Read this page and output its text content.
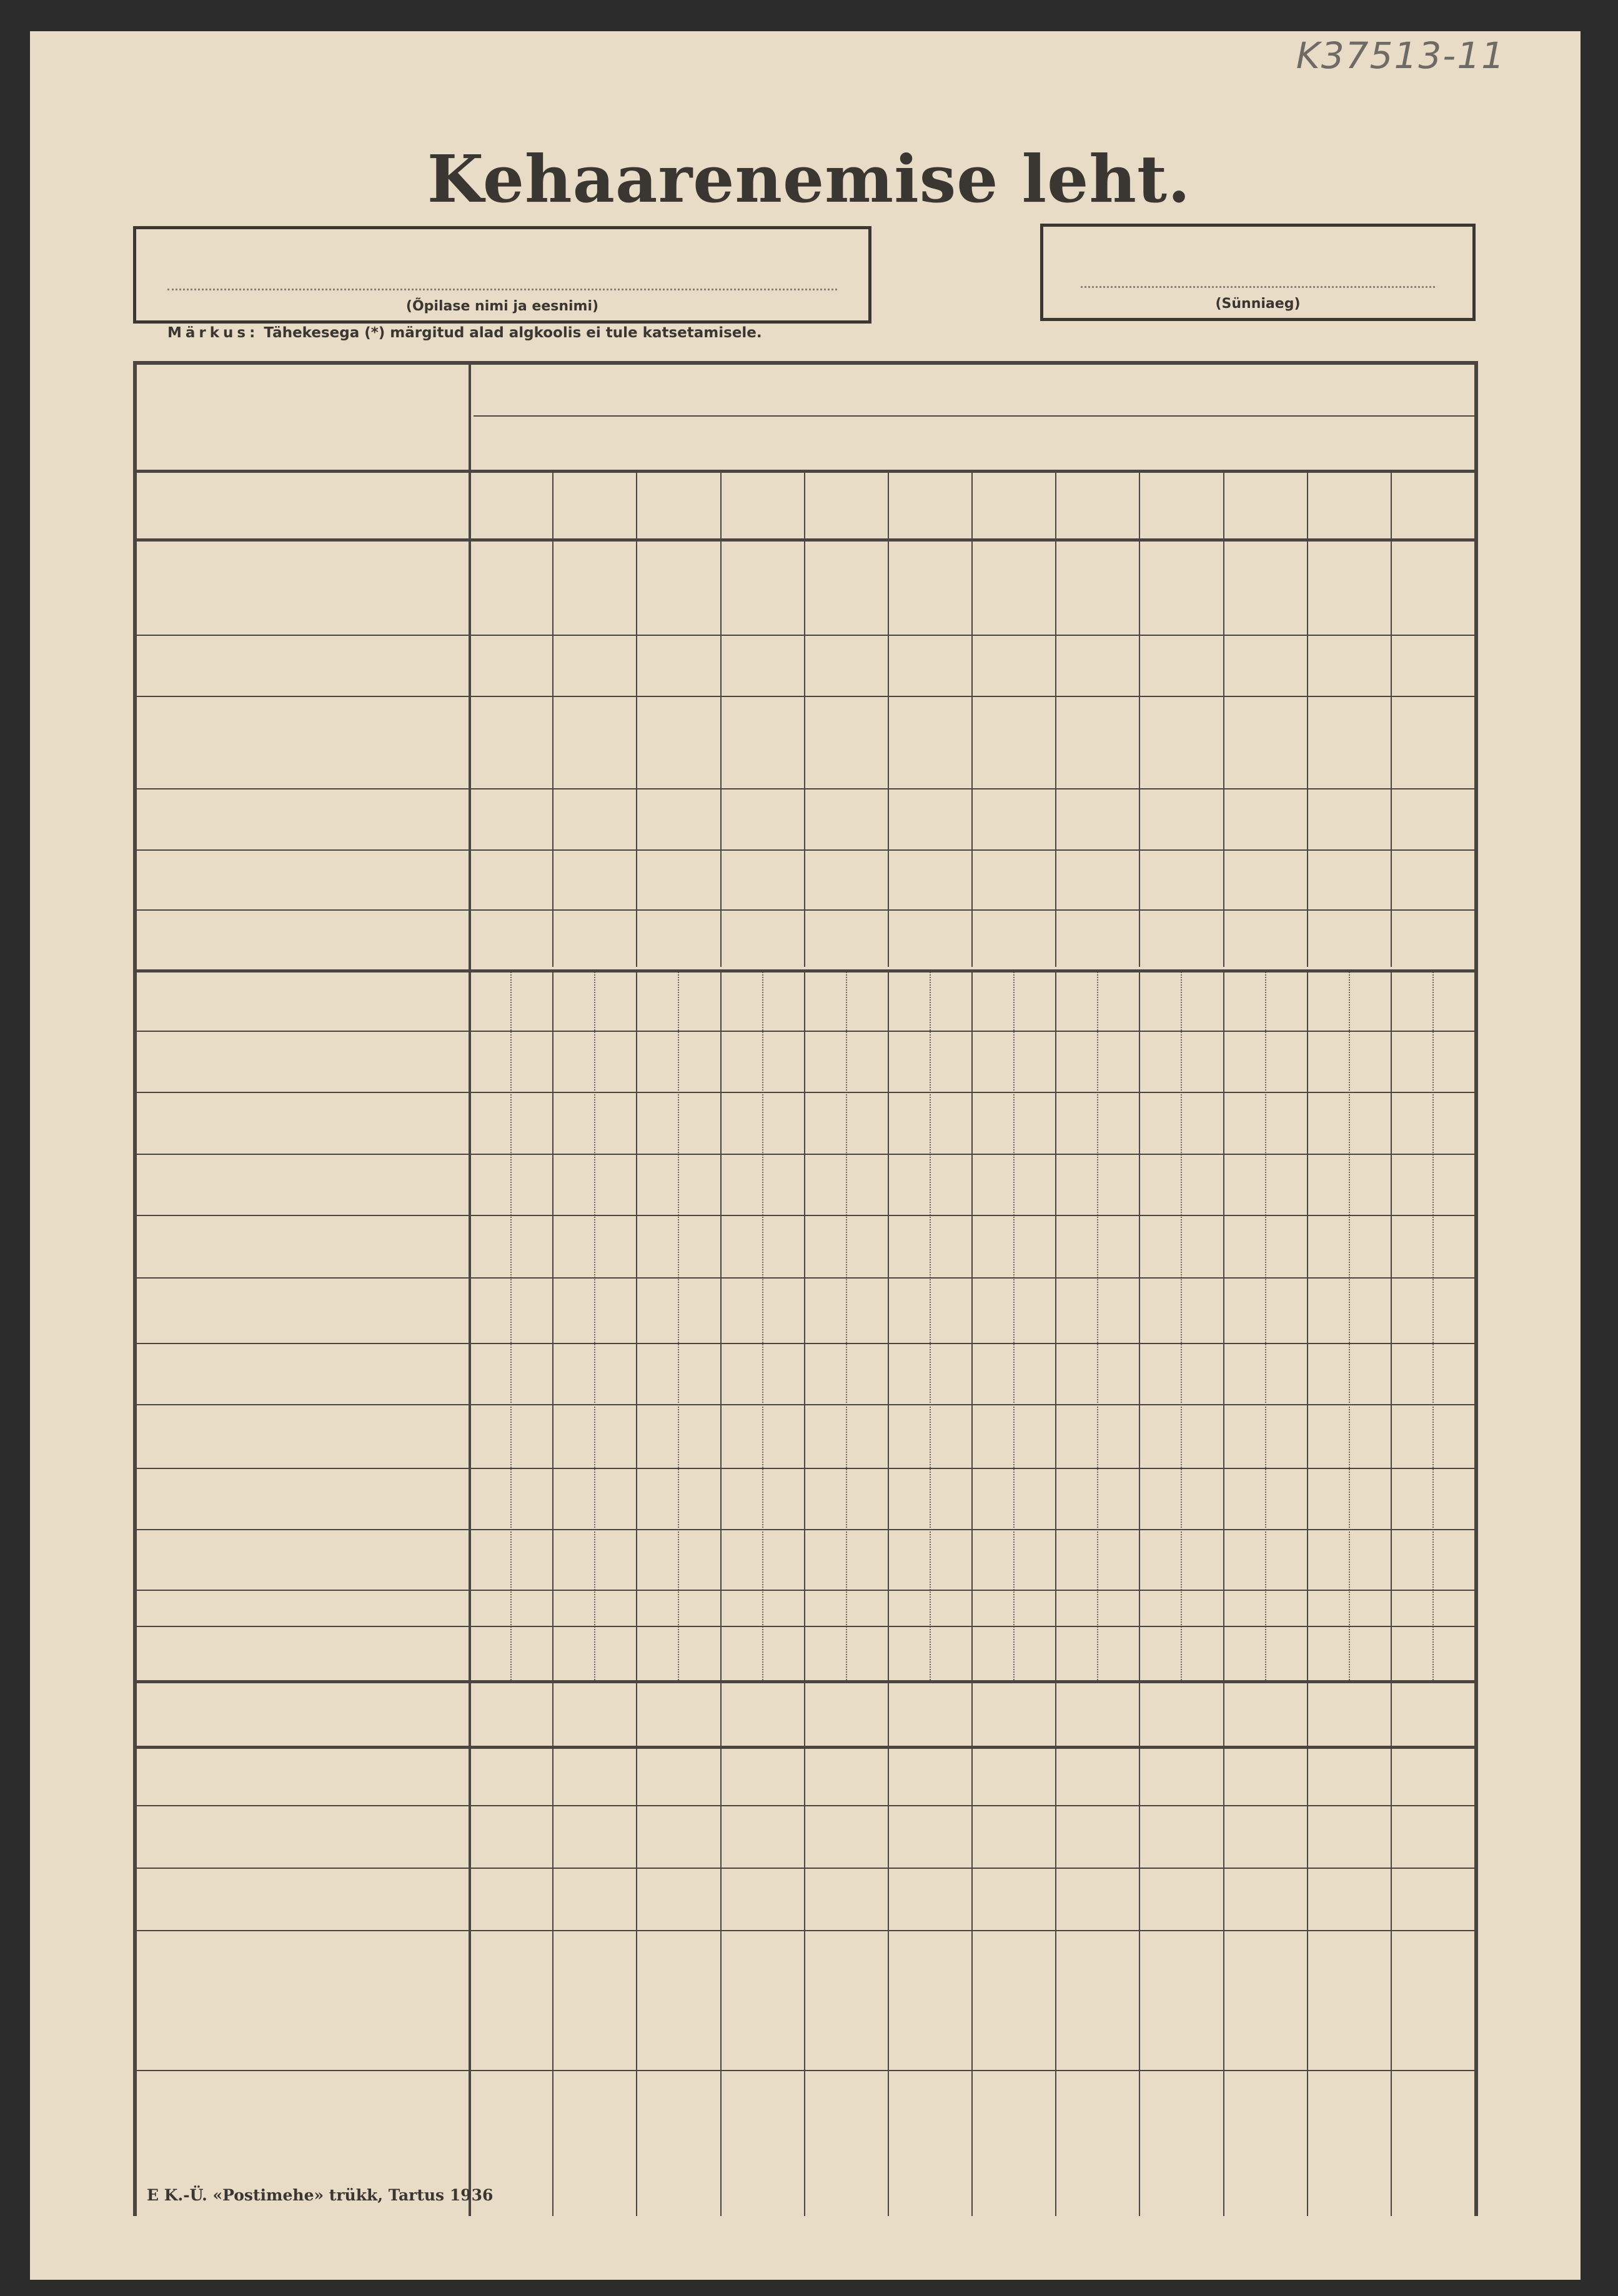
K37513-11
Kehaarenemise leht.
(Õpilase nimi ja eesnimi)	(Sünniaeg)
Märkus: Tähekesega (*) märgitud alad algkoolis ei tule katsetamisele.
E K.-Ü. «Postimehe» trükk, Tartus 1936
